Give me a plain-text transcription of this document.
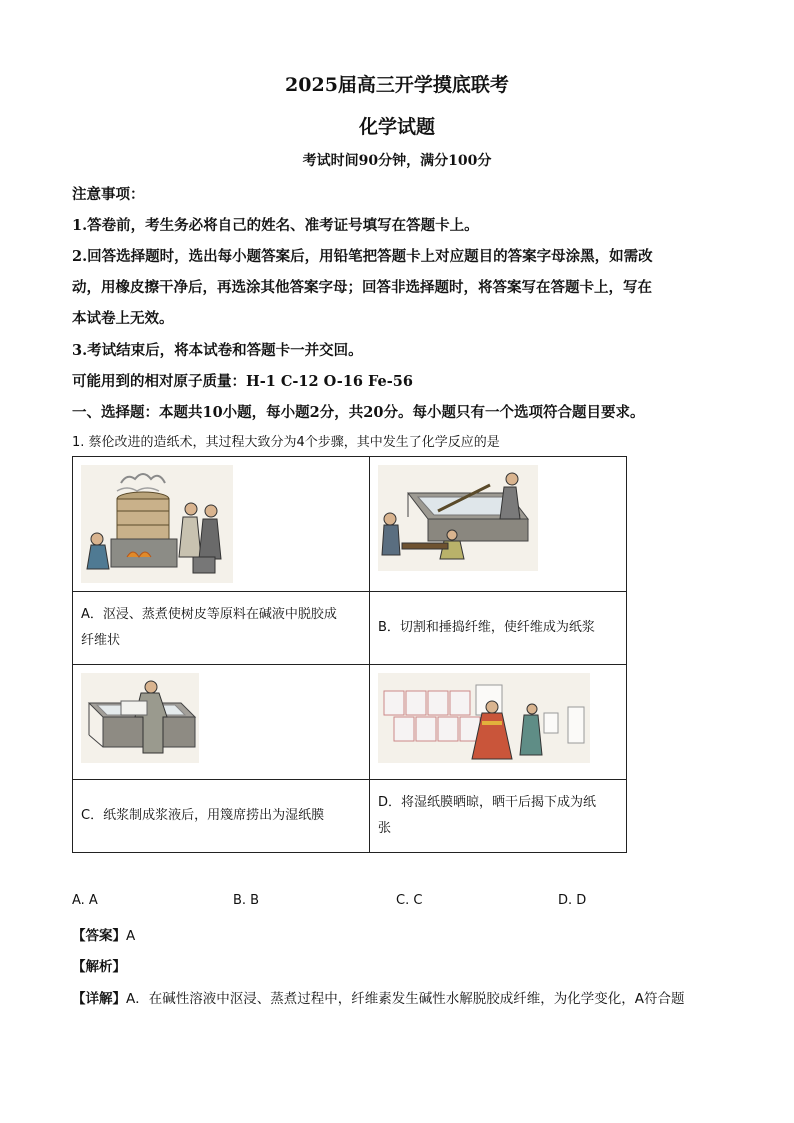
2025届高三开学摸底联考
化学试题
考试时间90分钟，满分100分
注意事项：
1.答卷前，考生务必将自己的姓名、准考证号填写在答题卡上。
2.回答选择题时，选出每小题答案后，用铅笔把答题卡上对应题目的答案字母涂黑，如需改
动，用橡皮擦干净后，再选涂其他答案字母；回答非选择题时，将答案写在答题卡上，写在
本试卷上无效。
3.考试结束后，将本试卷和答题卡一并交回。
可能用到的相对原子质量：H-1 C-12 O-16 Fe-56
一、选择题：本题共10小题，每小题2分，共20分。每小题只有一个选项符合题目要求。
1. 蔡伦改进的造纸术，其过程大致分为4个步骤，其中发生了化学反应的是

A．沤浸、蒸煮使树皮等原料在碱液中脱胶成
纤维状	B．切割和捶捣纤维，使纤维成为纸浆

C．纸浆制成浆液后，用篾席捞出为湿纸膜	D．将湿纸膜晒晾，晒干后揭下成为纸
张
A. A	B. B	C. C	D. D
【答案】A
【解析】
【详解】A．在碱性溶液中沤浸、蒸煮过程中，纤维素发生碱性水解脱胶成纤维，为化学变化，A符合题
